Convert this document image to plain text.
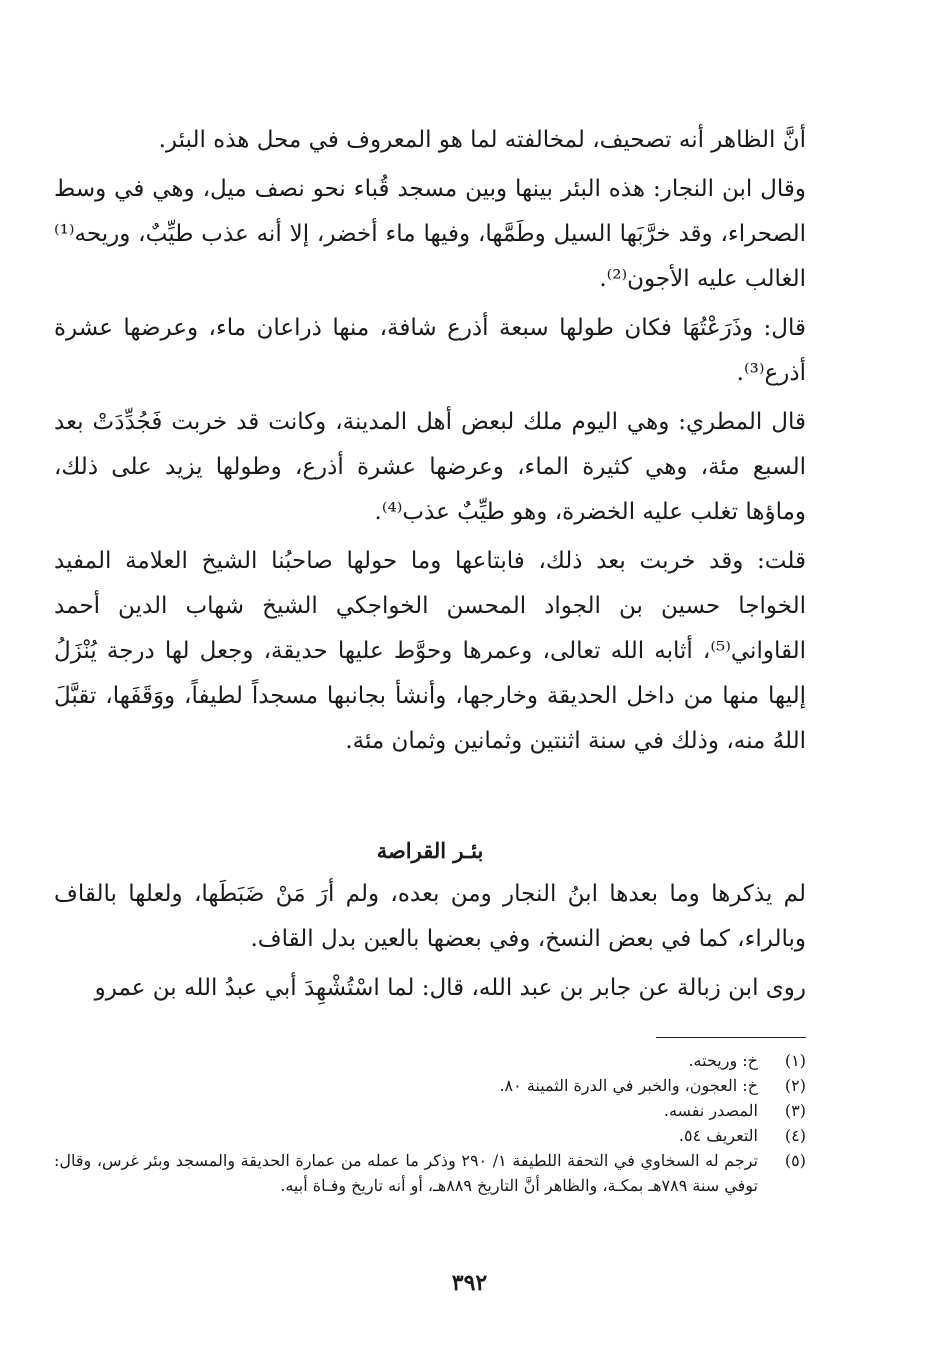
أنَّ الظاهر أنه تصحيف، لمخالفته لما هو المعروف في محل هذه البئر.

وقال ابن النجار: هذه البئر بينها وبين مسجد قُباء نحو نصف ميل، وهي في وسط الصحراء، وقد خرَّبَها السيل وطَمَّها، وفيها ماء أخضر، إلا أنه عذب طيِّبٌ، وريحه⁽¹⁾ الغالب عليه الأجون⁽²⁾.

قال: وذَرَعْتُهَا فكان طولها سبعة أذرع شافة، منها ذراعان ماء، وعرضها عشرة أذرع⁽³⁾.

قال المطري: وهي اليوم ملك لبعض أهل المدينة، وكانت قد خربت فَجُدِّدَتْ بعد السبع مئة، وهي كثيرة الماء، وعرضها عشرة أذرع، وطولها يزيد على ذلك، وماؤها تغلب عليه الخضرة، وهو طيِّبٌ عذب⁽⁴⁾.

قلت: وقد خربت بعد ذلك، فابتاعها وما حولها صاحبُنا الشيخ العلامة المفيد الخواجا حسين بن الجواد المحسن الخواجكي الشيخ شهاب الدين أحمد القاواني⁽⁵⁾، أثابه الله تعالى، وعمرها وحوَّط عليها حديقة، وجعل لها درجة يُنْزَلُ إليها منها من داخل الحديقة وخارجها، وأنشأ بجانبها مسجداً لطيفاً، ووَقَفَها، تقبَّلَ اللهُ منه، وذلك في سنة اثنتين وثمانين وثمان مئة.

بئـر القراصة

لم يذكرها وما بعدها ابنُ النجار ومن بعده، ولم أرَ مَنْ ضَبَطَها، ولعلها بالقاف وبالراء، كما في بعض النسخ، وفي بعضها بالعين بدل القاف.

روى ابن زبالة عن جابر بن عبد الله، قال: لما اسْتُشْهِدَ أبي عبدُ الله بن عمرو

(١)
خ: وريحته.
(٢)
خ: العجون، والخبر في الدرة الثمينة ٨٠.
(٣)
المصدر نفسه.
(٤)
التعريف ٥٤.
(٥)
ترجم له السخاوي في التحفة اللطيفة ١/ ٢٩٠ وذكر ما عمله من عمارة الحديقة والمسجد وبئر غرس، وقال: توفي سنة ٧٨٩هـ بمكـة، والظاهر أنَّ التاريخ ٨٨٩هـ، أو أنه تاريخ وفـاة أبيه.
٣٩٢
